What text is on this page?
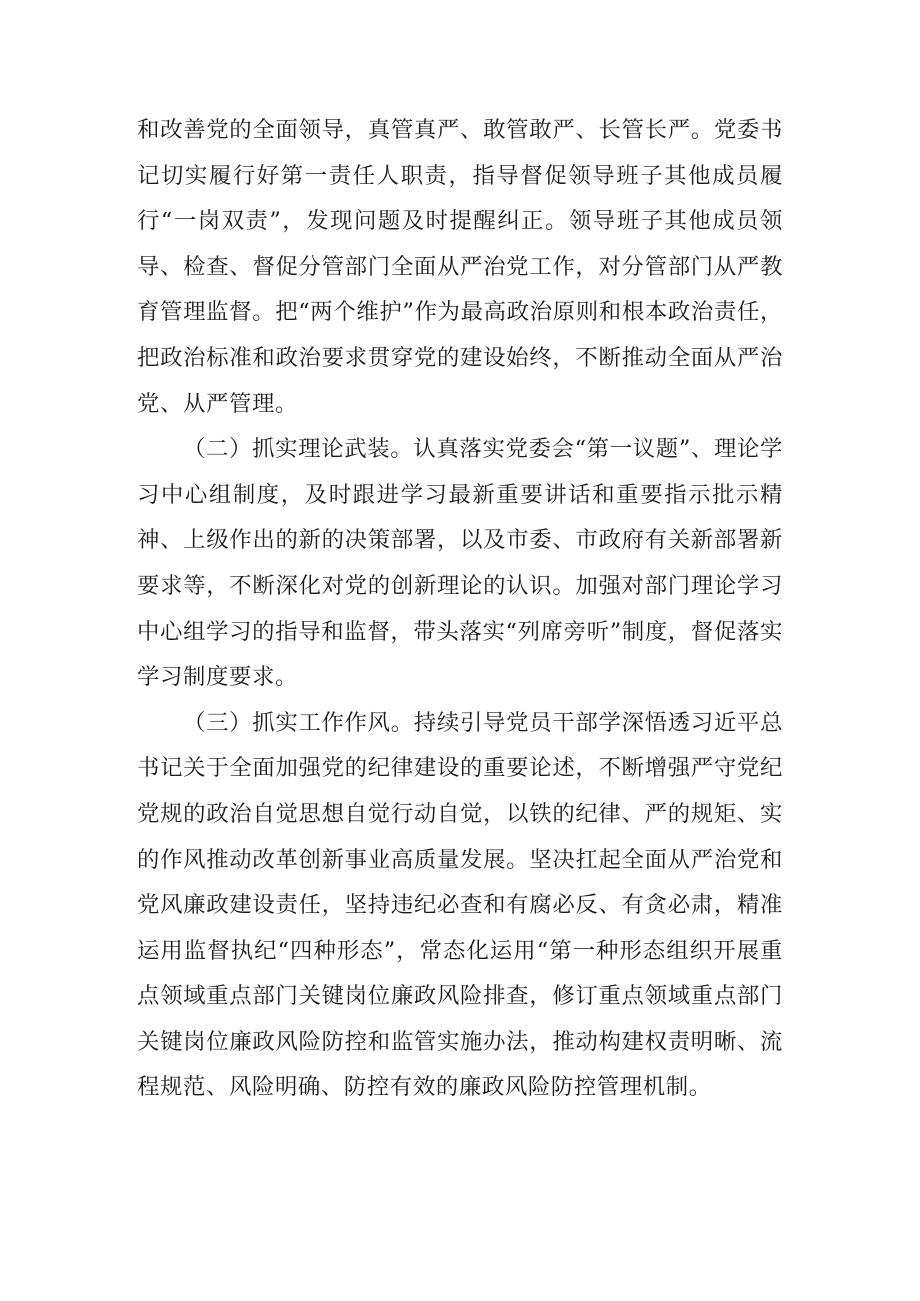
和改善党的全面领导，真管真严、敢管敢严、长管长严。党委书记切实履行好第一责任人职责，指导督促领导班子其他成员履行“一岗双责”，发现问题及时提醒纠正。领导班子其他成员领导、检查、督促分管部门全面从严治党工作，对分管部门从严教育管理监督。把“两个维护”作为最高政治原则和根本政治责任，把政治标准和政治要求贯穿党的建设始终，不断推动全面从严治党、从严管理。

（二）抓实理论武装。认真落实党委会“第一议题”、理论学习中心组制度，及时跟进学习最新重要讲话和重要指示批示精神、上级作出的新的决策部署，以及市委、市政府有关新部署新要求等，不断深化对党的创新理论的认识。加强对部门理论学习中心组学习的指导和监督，带头落实“列席旁听”制度，督促落实学习制度要求。

（三）抓实工作作风。持续引导党员干部学深悟透习近平总书记关于全面加强党的纪律建设的重要论述，不断增强严守党纪党规的政治自觉思想自觉行动自觉，以铁的纪律、严的规矩、实的作风推动改革创新事业高质量发展。坚决扛起全面从严治党和党风廉政建设责任，坚持违纪必查和有腐必反、有贪必肃，精准运用监督执纪“四种形态”，常态化运用“第一种形态组织开展重点领域重点部门关键岗位廉政风险排查，修订重点领域重点部门关键岗位廉政风险防控和监管实施办法，推动构建权责明晰、流程规范、风险明确、防控有效的廉政风险防控管理机制。
